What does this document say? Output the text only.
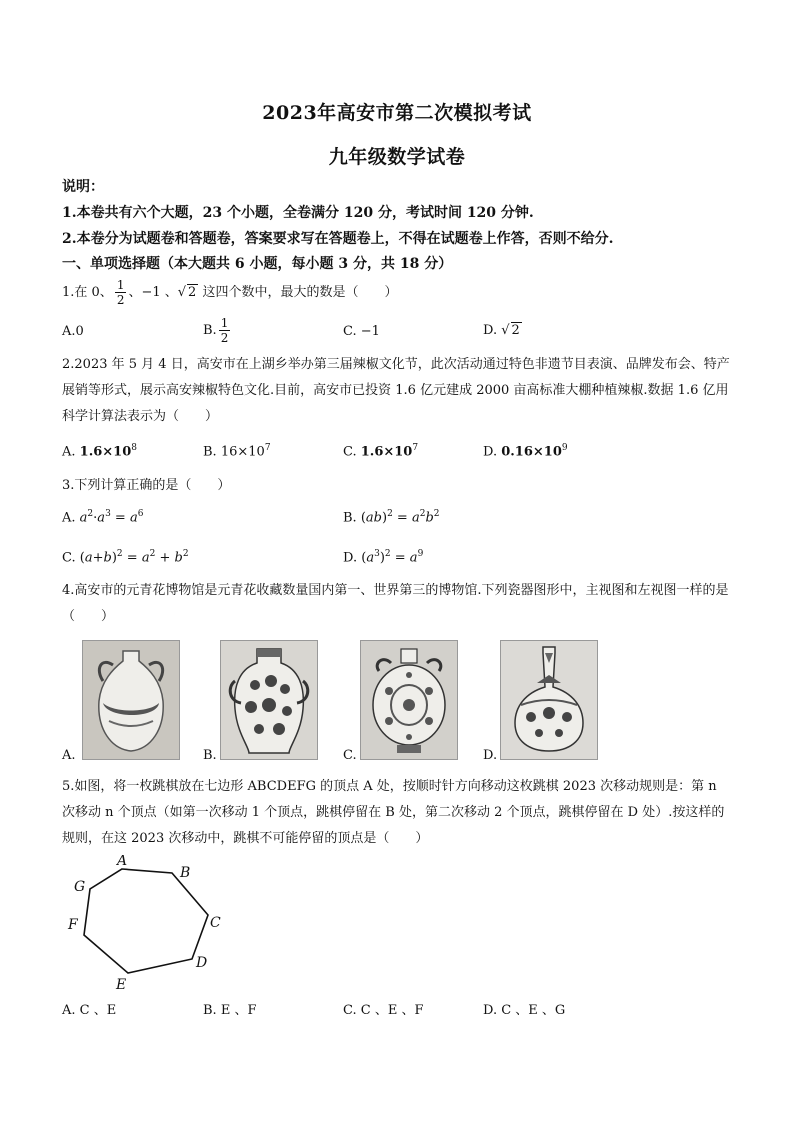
2023年高安市第二次模拟考试
九年级数学试卷
说明：
1.本卷共有六个大题，23 个小题，全卷满分 120 分，考试时间 120 分钟.
2.本卷分为试题卷和答题卷，答案要求写在答题卷上，不得在试题卷上作答，否则不给分.
一、单项选择题（本大题共 6 小题，每小题 3 分，共 18 分）
1.在 0、 $\frac{1}{2}$ 、−1 、√ 2 这四个数中，最大的数是（　　）
A.0	B. $\frac{1}{2}$	C. −1	D. √ 2
2.2023 年 5 月 4 日，高安市在上湖乡举办第三届辣椒文化节，此次活动通过特色非遗节目表演、品牌发布会、特产展销等形式，展示高安辣椒特色文化.目前，高安市已投资 1.6 亿元建成 2000 亩高标准大棚种植辣椒.数据 1.6 亿用科学计算法表示为（　　）
A. $1.6\times 10^8$	B. $16\times 10^7$	C. $1.6\times 10^7$	D. $0.16\times 10^9$
3.下列计算正确的是（　　）
A. $a^2\cdot a^3 = a^6$	B. $(ab)^2 = a^2b^2$
C. $(a+b)^2 = a^2 + b^2$	D. $(a^3)^2 = a^9$
4.高安市的元青花博物馆是元青花收藏数量国内第一、世界第三的博物馆.下列瓷器图形中，主视图和左视图一样的是（　　）
A.	B.	C.	D.
5.如图，将一枚跳棋放在七边形 ABCDEFG 的顶点 A 处，按顺时针方向移动这枚跳棋 2023 次移动规则是：第 n 次移动 n 个顶点（如第一次移动 1 个顶点，跳棋停留在 B 处，第二次移动 2 个顶点，跳棋停留在 D 处）.按这样的规则，在这 2023 次移动中，跳棋不可能停留的顶点是（　　）
A
B
C
D
E
F
G
A. C 、E	B. E 、F	C. C 、E 、F	D. C 、E 、G
